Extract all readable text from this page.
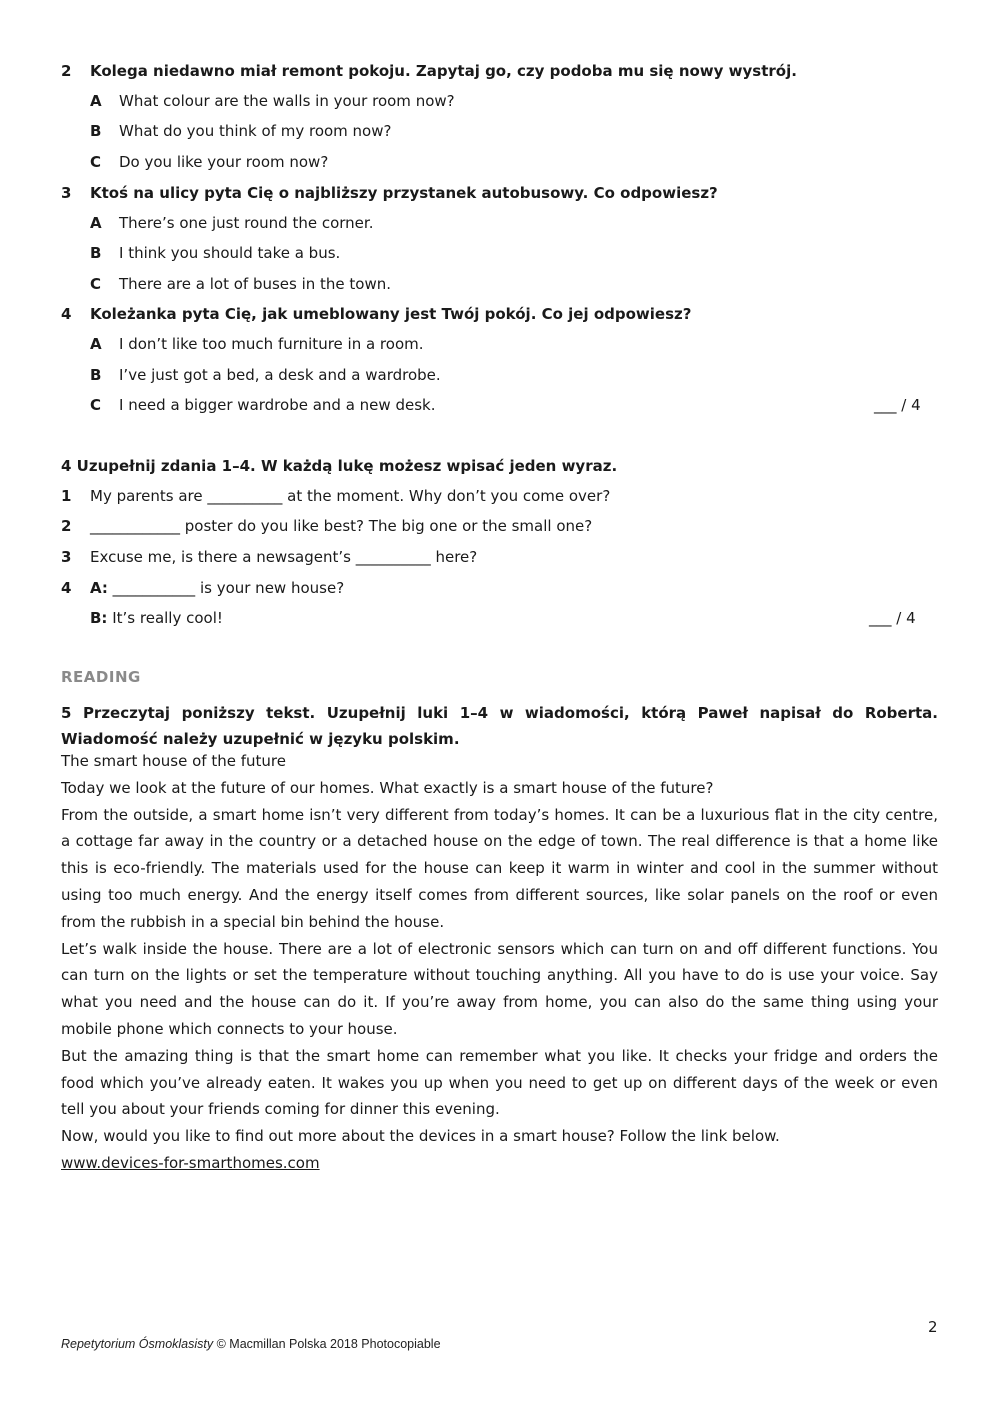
2 Kolega niedawno miał remont pokoju. Zapytaj go, czy podoba mu się nowy wystrój.
A What colour are the walls in your room now?
B What do you think of my room now?
C Do you like your room now?
3 Ktoś na ulicy pyta Cię o najbliższy przystanek autobusowy. Co odpowiesz?
A There’s one just round the corner.
B I think you should take a bus.
C There are a lot of buses in the town.
4 Koleżanka pyta Cię, jak umeblowany jest Twój pokój. Co jej odpowiesz?
A I don’t like too much furniture in a room.
B I’ve just got a bed, a desk and a wardrobe.
C I need a bigger wardrobe and a new desk.	___ / 4
4 Uzupełnij zdania 1–4. W każdą lukę możesz wpisać jeden wyraz.
1 My parents are __________ at the moment. Why don’t you come over?
2 ____________ poster do you like best? The big one or the small one?
3 Excuse me, is there a newsagent’s __________ here?
4 A: ___________ is your new house?
B: It’s really cool!	___ / 4
READING
5 Przeczytaj poniższy tekst. Uzupełnij luki 1–4 w wiadomości, którą Paweł napisał do Roberta. Wiadomość należy uzupełnić w języku polskim.

The smart house of the future

Today we look at the future of our homes. What exactly is a smart house of the future?

From the outside, a smart home isn’t very different from today’s homes. It can be a luxurious flat in the city centre, a cottage far away in the country or a detached house on the edge of town. The real difference is that a home like this is eco-friendly. The materials used for the house can keep it warm in winter and cool in the summer without using too much energy. And the energy itself comes from different sources, like solar panels on the roof or even from the rubbish in a special bin behind the house.

Let’s walk inside the house. There are a lot of electronic sensors which can turn on and off different functions. You can turn on the lights or set the temperature without touching anything. All you have to do is use your voice. Say what you need and the house can do it. If you’re away from home, you can also do the same thing using your mobile phone which connects to your house.

But the amazing thing is that the smart home can remember what you like. It checks your fridge and orders the food which you’ve already eaten. It wakes you up when you need to get up on different days of the week or even tell you about your friends coming for dinner this evening.

Now, would you like to find out more about the devices in a smart house? Follow the link below.

www.devices-for-smarthomes.com

2
Repetytorium Ósmoklasisty © Macmillan Polska 2018 Photocopiable
